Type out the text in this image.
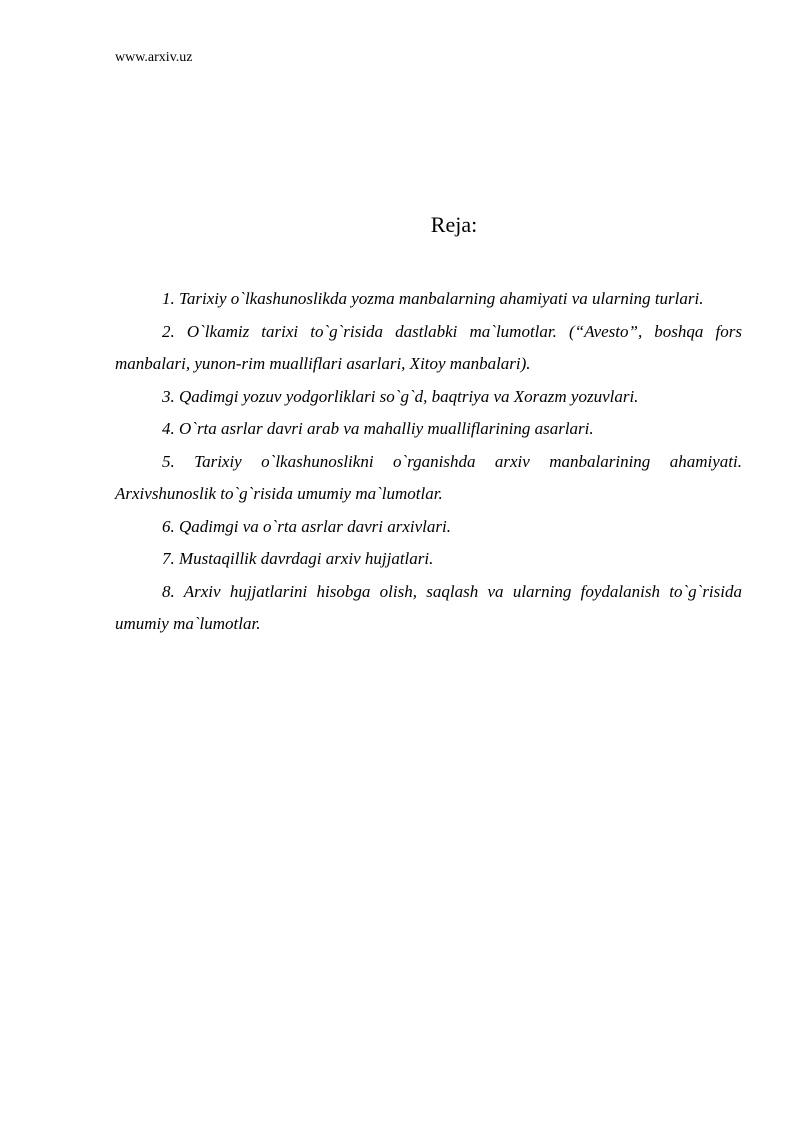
www.arxiv.uz
Reja:

1. Tarixiy o`lkashunoslikda yozma manbalarning ahamiyati va ularning turlari.

2. O`lkamiz tarixi to`g`risida dastlabki ma`lumotlar. (“Avesto”, boshqa fors manbalari, yunon-rim mualliflari asarlari, Xitoy manbalari).

3. Qadimgi yozuv yodgorliklari so`g`d, baqtriya va Xorazm yozuvlari.

4. O`rta asrlar davri arab va mahalliy mualliflarining asarlari.

5. Tarixiy o`lkashunoslikni o`rganishda arxiv manbalarining ahamiyati. Arxivshunoslik to`g`risida umumiy ma`lumotlar.

6. Qadimgi va o`rta asrlar davri arxivlari.

7. Mustaqillik davrdagi arxiv hujjatlari.

8. Arxiv hujjatlarini hisobga olish, saqlash va ularning foydalanish to`g`risida umumiy ma`lumotlar.
